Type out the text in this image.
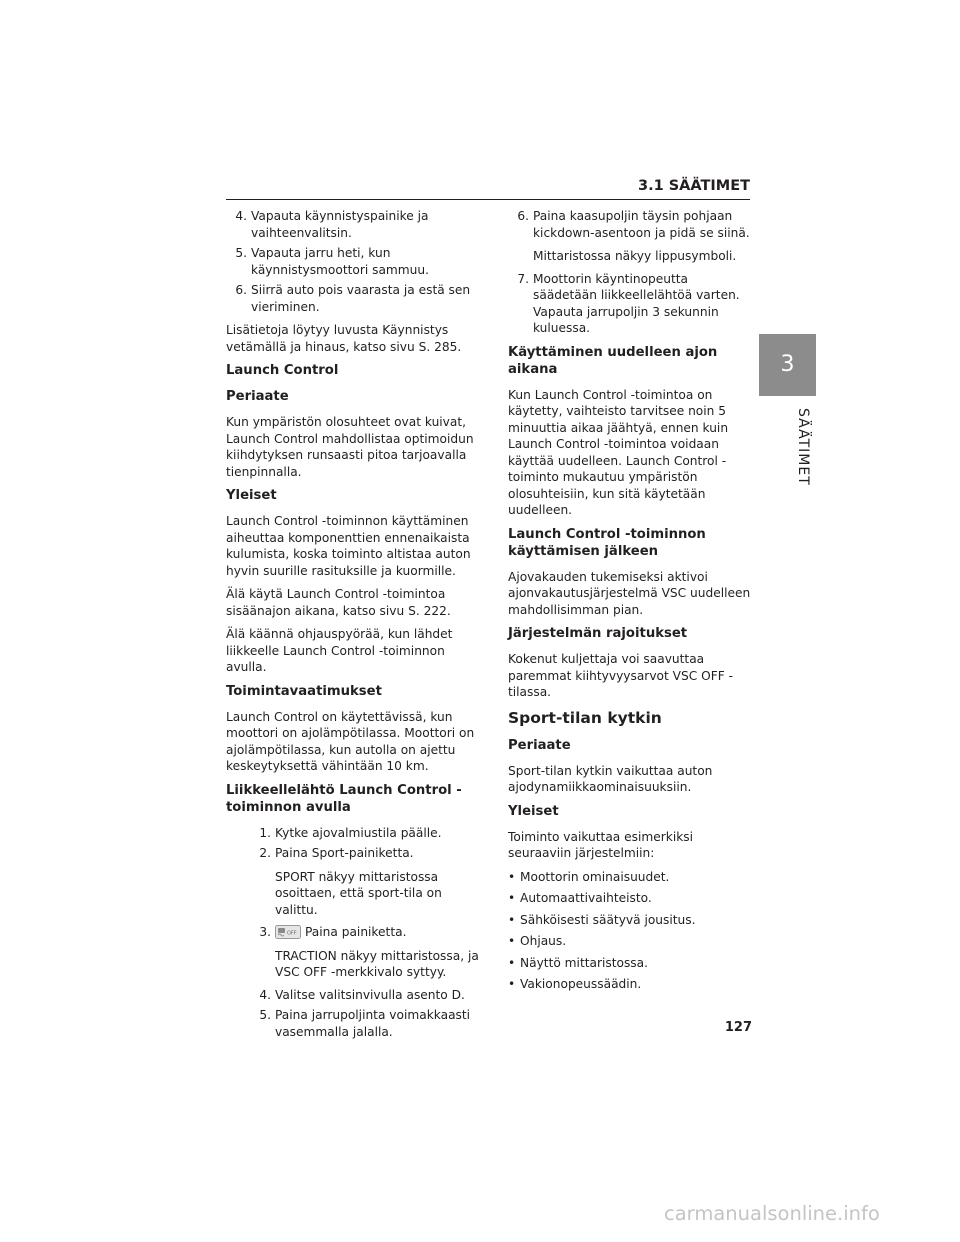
3.1 SÄÄTIMET
3
SÄÄTIMET
4. Vapauta käynnistyspainike ja vaihteenvalitsin.
5. Vapauta jarru heti, kun käynnistysmoottori sammuu.
6. Siirrä auto pois vaarasta ja estä sen vieriminen.

Lisätietoja löytyy luvusta Käynnistys vetämällä ja hinaus, katso sivu S. 285.

Launch Control
Periaate

Kun ympäristön olosuhteet ovat kuivat, Launch Control mahdollistaa optimoidun kiihdytyksen runsaasti pitoa tarjoavalla tienpinnalla.

Yleiset

Launch Control -toiminnon käyttäminen aiheuttaa komponenttien ennenaikaista kulumista, koska toiminto altistaa auton hyvin suurille rasituksille ja kuormille.

Älä käytä Launch Control -toimintoa sisäänajon aikana, katso sivu S. 222.

Älä käännä ohjauspyörää, kun lähdet liikkeelle Launch Control -toiminnon avulla.

Toimintavaatimukset

Launch Control on käytettävissä, kun moottori on ajolämpötilassa. Moottori on ajolämpötilassa, kun autolla on ajettu keskeytyksettä vähintään 10 km.

Liikkeellelähtö Launch Control -toiminnon avulla
1. Kytke ajovalmiustila päälle.
2. Paina Sport-painiketta.

SPORT näkyy mittaristossa osoittaen, että sport-tila on valittu.

3.	OFF Paina painiketta.

TRACTION näkyy mittaristossa, ja VSC OFF -merkkivalo syttyy.

4. Valitse valitsinvivulla asento D.
5. Paina jarrupoljinta voimakkaasti vasemmalla jalalla.
6. Paina kaasupoljin täysin pohjaan kickdown-asentoon ja pidä se siinä.

Mittaristossa näkyy lippusymboli.

7. Moottorin käyntinopeutta säädetään liikkeellelähtöä varten. Vapauta jarrupoljin 3 sekunnin kuluessa.
Käyttäminen uudelleen ajon aikana

Kun Launch Control -toimintoa on käytetty, vaihteisto tarvitsee noin 5 minuuttia aikaa jäähtyä, ennen kuin Launch Control -toimintoa voidaan käyttää uudelleen. Launch Control -toiminto mukautuu ympäristön olosuhteisiin, kun sitä käytetään uudelleen.

Launch Control -toiminnon käyttämisen jälkeen

Ajovakauden tukemiseksi aktivoi ajonvakautusjärjestelmä VSC uudelleen mahdollisimman pian.

Järjestelmän rajoitukset

Kokenut kuljettaja voi saavuttaa paremmat kiihtyvyysarvot VSC OFF -tilassa.

Sport-tilan kytkin
Periaate

Sport-tilan kytkin vaikuttaa auton ajodynamiikkaominaisuuksiin.

Yleiset

Toiminto vaikuttaa esimerkiksi seuraaviin järjestelmiin:

• Moottorin ominaisuudet.
• Automaattivaihteisto.
• Sähköisesti säätyvä jousitus.
• Ohjaus.
• Näyttö mittaristossa.
• Vakionopeussäädin.
127
carmanualsonline.info
